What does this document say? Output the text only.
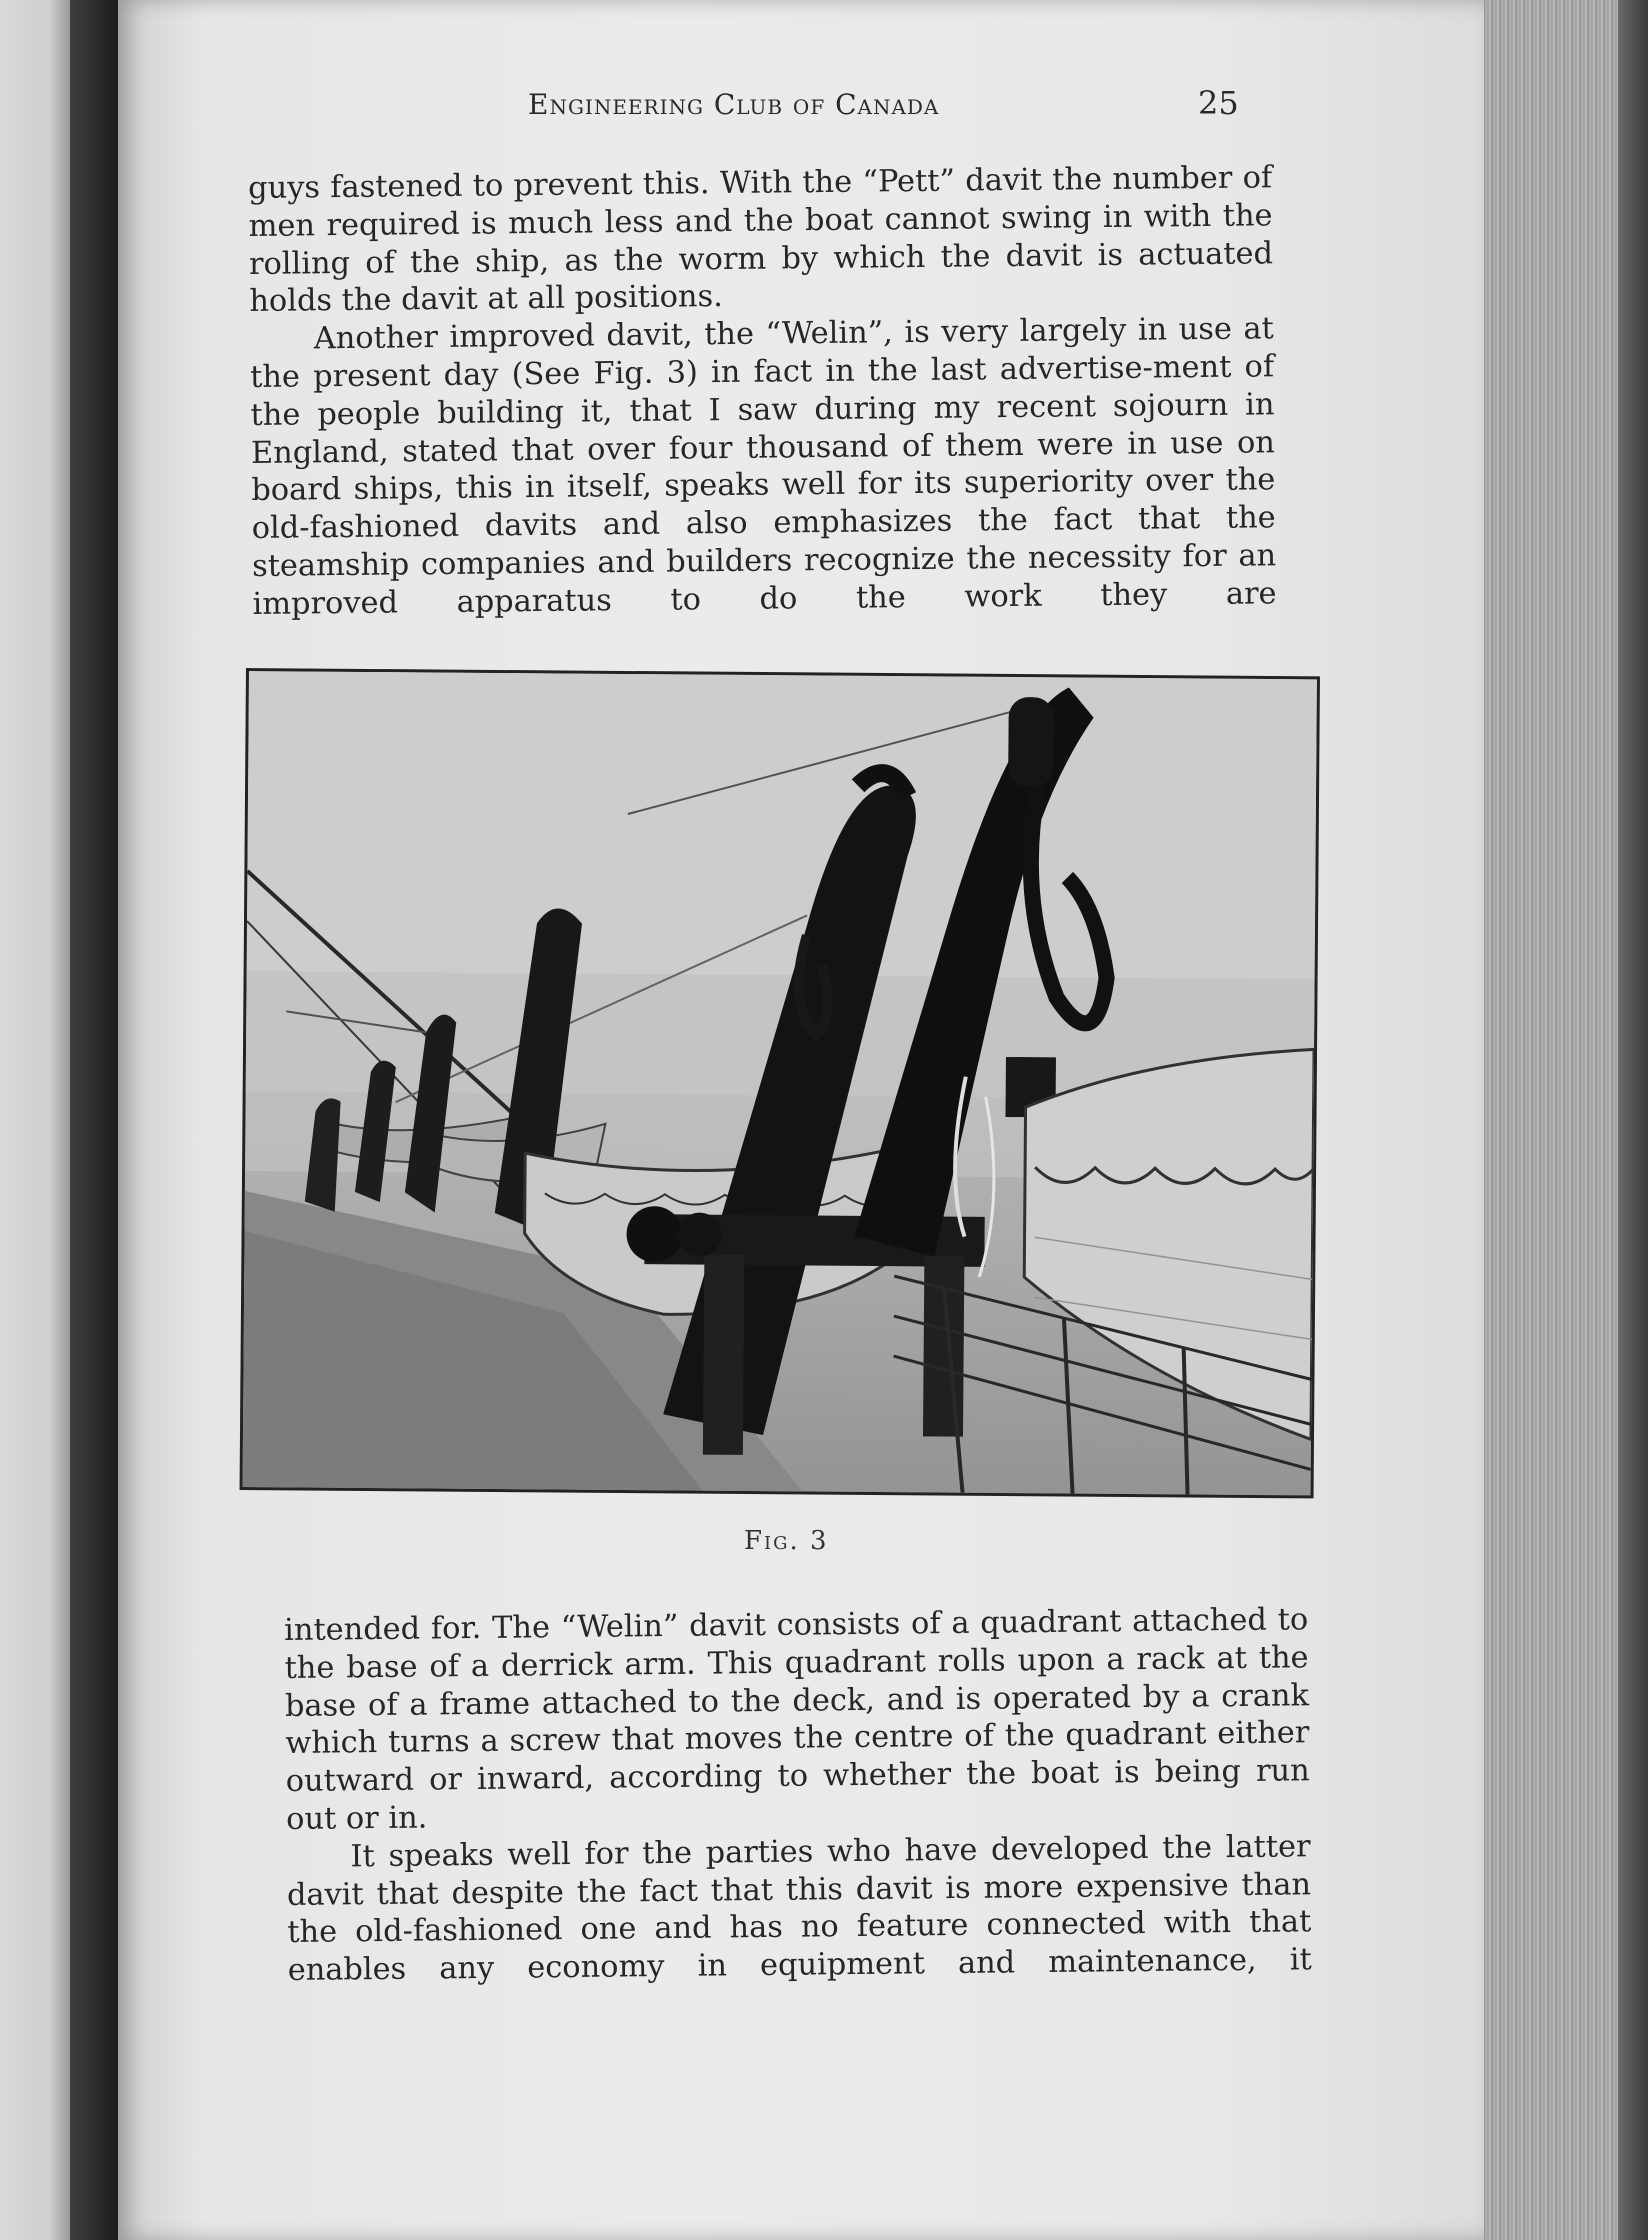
Engineering Club of Canada	25

guys fastened to prevent this. With the “Pett” davit the number of men required is much less and the boat cannot swing in with the rolling of the ship, as the worm by which the davit is actuated holds the davit at all positions.

Another improved davit, the “Welin”, is very largely in use at the present day (See Fig. 3) in fact in the last advertise-ment of the people building it, that I saw during my recent sojourn in England, stated that over four thousand of them were in use on board ships, this in itself, speaks well for its superiority over the old-fashioned davits and also emphasizes the fact that the steamship companies and builders recognize the necessity for an improved apparatus to do the work they are

Fig. 3

intended for. The “Welin” davit consists of a quadrant attached to the base of a derrick arm. This quadrant rolls upon a rack at the base of a frame attached to the deck, and is operated by a crank which turns a screw that moves the centre of the quadrant either outward or inward, according to whether the boat is being run out or in.

It speaks well for the parties who have developed the latter davit that despite the fact that this davit is more expensive than the old-fashioned one and has no feature connected with that enables any economy in equipment and maintenance, it
